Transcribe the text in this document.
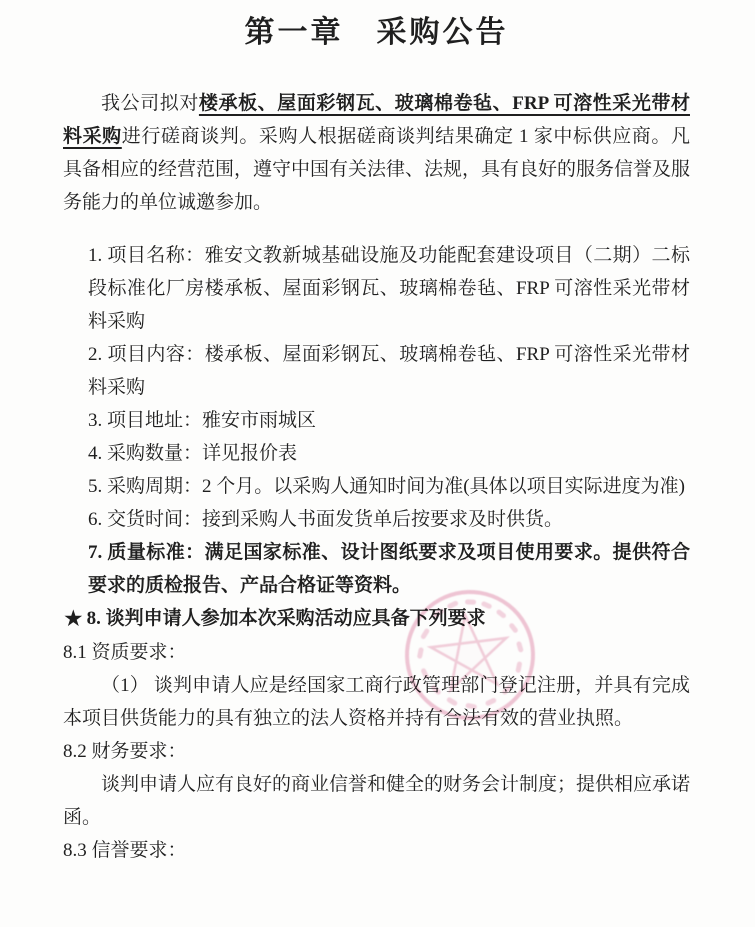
第一章　采购公告

我公司拟对楼承板、屋面彩钢瓦、玻璃棉卷毡、FRP 可溶性采光带材料采购进行磋商谈判。采购人根据磋商谈判结果确定 1 家中标供应商。凡具备相应的经营范围，遵守中国有关法律、法规，具有良好的服务信誉及服务能力的单位诚邀参加。

1. 项目名称：雅安文教新城基础设施及功能配套建设项目（二期）二标段标准化厂房楼承板、屋面彩钢瓦、玻璃棉卷毡、FRP 可溶性采光带材料采购
2. 项目内容：楼承板、屋面彩钢瓦、玻璃棉卷毡、FRP 可溶性采光带材料采购
3. 项目地址：雅安市雨城区
4. 采购数量：详见报价表
5. 采购周期：2 个月。以采购人通知时间为准(具体以项目实际进度为准)
6. 交货时间：接到采购人书面发货单后按要求及时供货。
7. 质量标准：满足国家标准、设计图纸要求及项目使用要求。提供符合要求的质检报告、产品合格证等资料。
★ 8. 谈判申请人参加本次采购活动应具备下列要求
8.1 资质要求：

（1） 谈判申请人应是经国家工商行政管理部门登记注册，并具有完成本项目供货能力的具有独立的法人资格并持有合法有效的营业执照。

8.2 财务要求：

谈判申请人应有良好的商业信誉和健全的财务会计制度；提供相应承诺函。

8.3 信誉要求：
